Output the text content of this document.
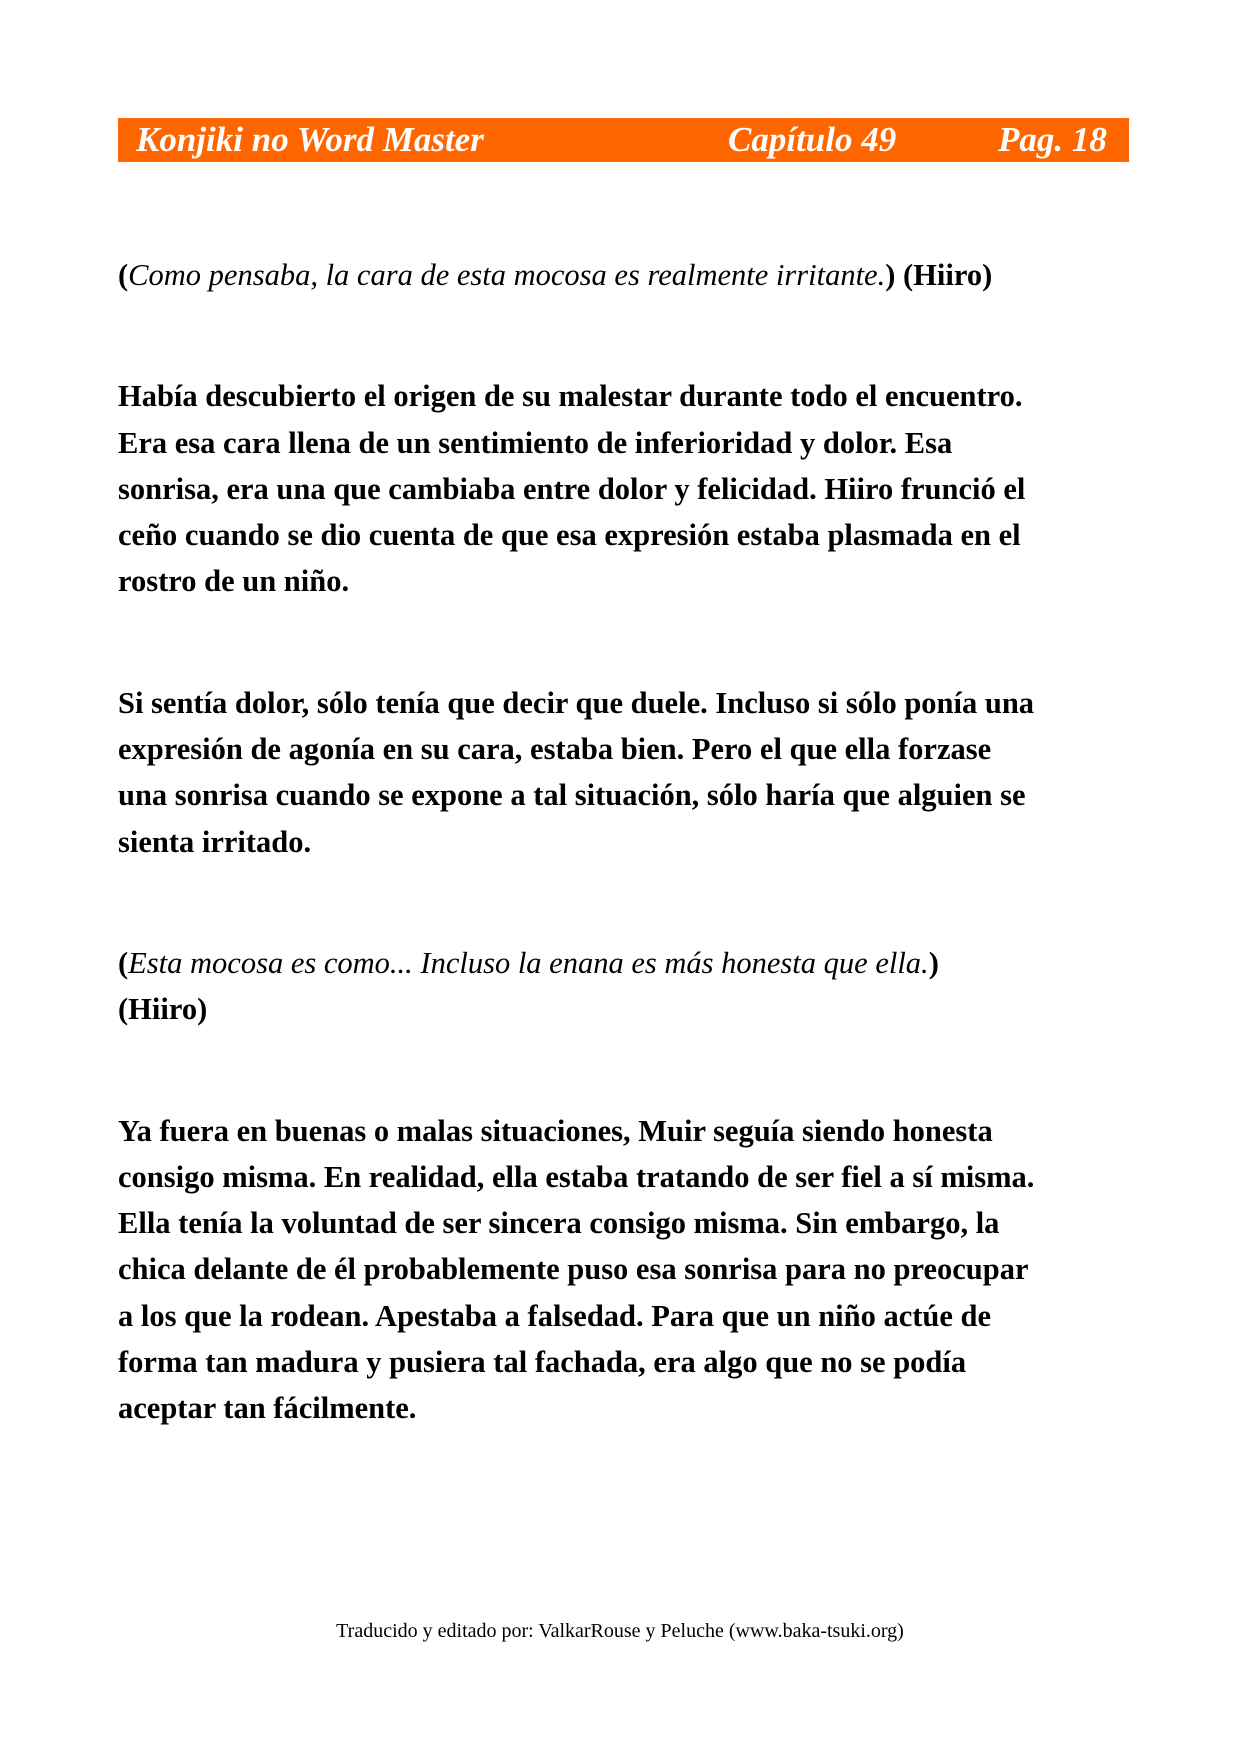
Konjiki no Word Master	Capítulo 49	Pag. 18

(Como pensaba, la cara de esta mocosa es realmente irritante.) (Hiiro)

Había descubierto el origen de su malestar durante todo el encuentro.

Era esa cara llena de un sentimiento de inferioridad y dolor. Esa

sonrisa, era una que cambiaba entre dolor y felicidad. Hiiro frunció el

ceño cuando se dio cuenta de que esa expresión estaba plasmada en el

rostro de un niño.

Si sentía dolor, sólo tenía que decir que duele. Incluso si sólo ponía una

expresión de agonía en su cara, estaba bien. Pero el que ella forzase

una sonrisa cuando se expone a tal situación, sólo haría que alguien se

sienta irritado.

(Esta mocosa es como... Incluso la enana es más honesta que ella.)

(Hiiro)

Ya fuera en buenas o malas situaciones, Muir seguía siendo honesta

consigo misma. En realidad, ella estaba tratando de ser fiel a sí misma.

Ella tenía la voluntad de ser sincera consigo misma. Sin embargo, la

chica delante de él probablemente puso esa sonrisa para no preocupar

a los que la rodean. Apestaba a falsedad. Para que un niño actúe de

forma tan madura y pusiera tal fachada, era algo que no se podía

aceptar tan fácilmente.

Traducido y editado por: ValkarRouse y Peluche (www.baka-tsuki.org)
